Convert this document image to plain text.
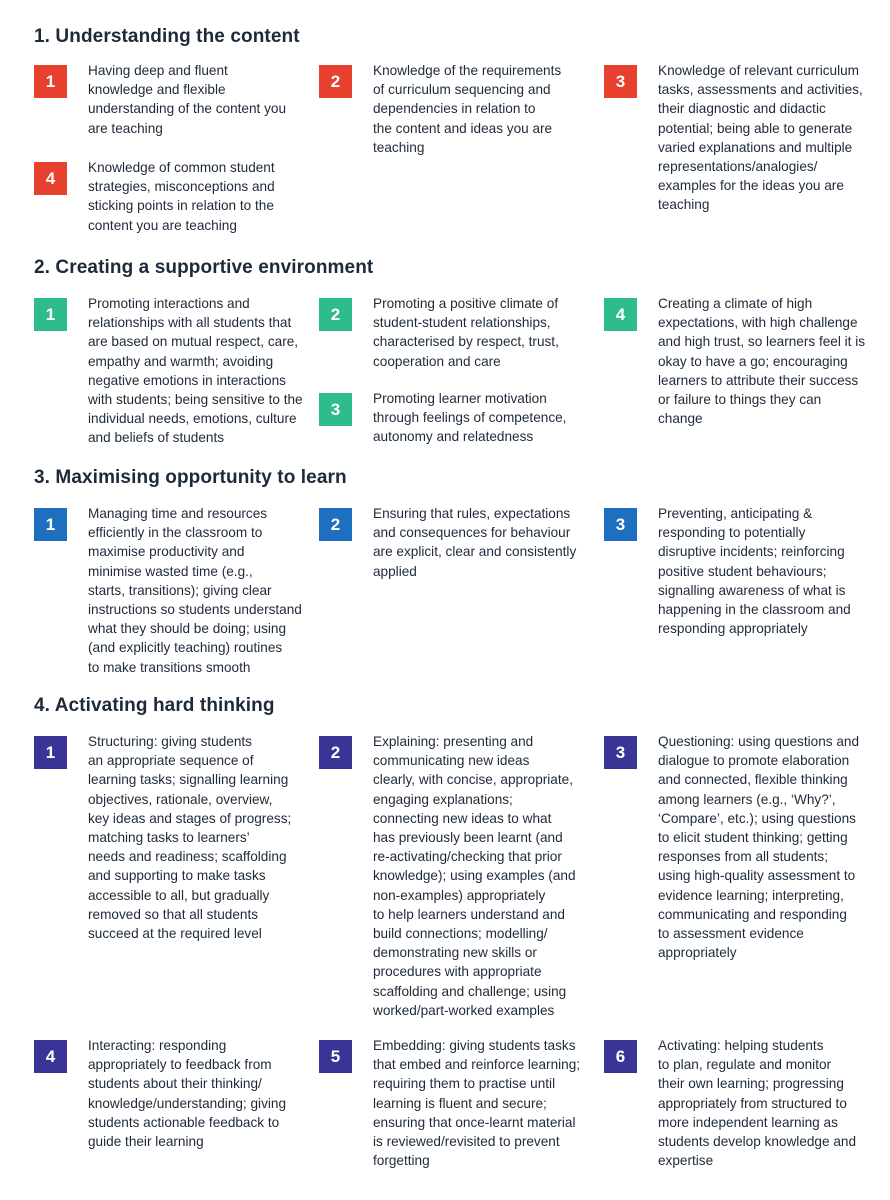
1. Understanding the content
1
Having deep and fluent
knowledge and flexible
understanding of the content you
are teaching
2
Knowledge of the requirements
of curriculum sequencing and
dependencies in relation to
the content and ideas you are
teaching
3
Knowledge of relevant curriculum
tasks, assessments and activities,
their diagnostic and didactic
potential; being able to generate
varied explanations and multiple
representations/analogies/
examples for the ideas you are
teaching
4
Knowledge of common student
strategies, misconceptions and
sticking points in relation to the
content you are teaching
2. Creating a supportive environment
1
Promoting interactions and
relationships with all students that
are based on mutual respect, care,
empathy and warmth; avoiding
negative emotions in interactions
with students; being sensitive to the
individual needs, emotions, culture
and beliefs of students
2
Promoting a positive climate of
student-student relationships,
characterised by respect, trust,
cooperation and care
3
Promoting learner motivation
through feelings of competence,
autonomy and relatedness
4
Creating a climate of high
expectations, with high challenge
and high trust, so learners feel it is
okay to have a go; encouraging
learners to attribute their success
or failure to things they can
change
3. Maximising opportunity to learn
1
Managing time and resources
efficiently in the classroom to
maximise productivity and
minimise wasted time (e.g.,
starts, transitions); giving clear
instructions so students understand
what they should be doing; using
(and explicitly teaching) routines
to make transitions smooth
2
Ensuring that rules, expectations
and consequences for behaviour
are explicit, clear and consistently
applied
3
Preventing, anticipating &
responding to potentially
disruptive incidents; reinforcing
positive student behaviours;
signalling awareness of what is
happening in the classroom and
responding appropriately
4. Activating hard thinking
1
Structuring: giving students
an appropriate sequence of
learning tasks; signalling learning
objectives, rationale, overview,
key ideas and stages of progress;
matching tasks to learners’
needs and readiness; scaffolding
and supporting to make tasks
accessible to all, but gradually
removed so that all students
succeed at the required level
2
Explaining: presenting and
communicating new ideas
clearly, with concise, appropriate,
engaging explanations;
connecting new ideas to what
has previously been learnt (and
re-activating/checking that prior
knowledge); using examples (and
non-examples) appropriately
to help learners understand and
build connections; modelling/
demonstrating new skills or
procedures with appropriate
scaffolding and challenge; using
worked/part-worked examples
3
Questioning: using questions and
dialogue to promote elaboration
and connected, flexible thinking
among learners (e.g., ‘Why?’,
‘Compare’, etc.); using questions
to elicit student thinking; getting
responses from all students;
using high-quality assessment to
evidence learning; interpreting,
communicating and responding
to assessment evidence
appropriately
4
Interacting: responding
appropriately to feedback from
students about their thinking/
knowledge/understanding; giving
students actionable feedback to
guide their learning
5
Embedding: giving students tasks
that embed and reinforce learning;
requiring them to practise until
learning is fluent and secure;
ensuring that once-learnt material
is reviewed/revisited to prevent
forgetting
6
Activating: helping students
to plan, regulate and monitor
their own learning; progressing
appropriately from structured to
more independent learning as
students develop knowledge and
expertise
